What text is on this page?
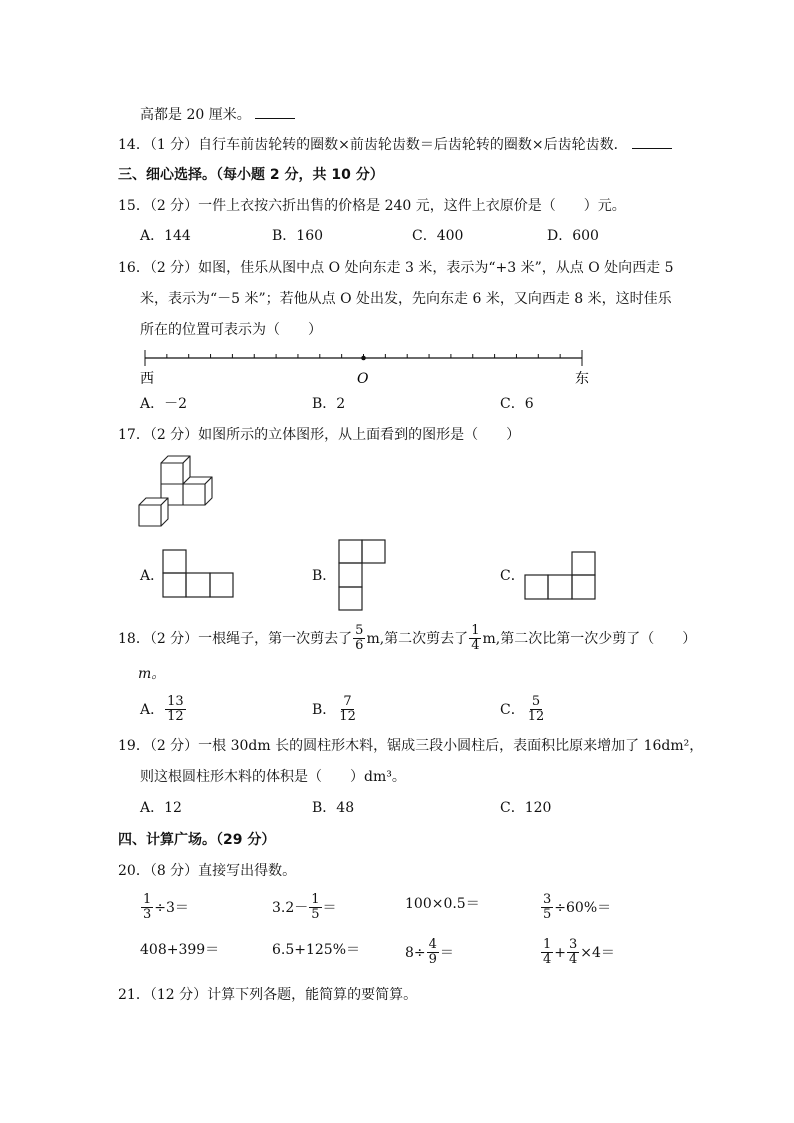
高都是 20 厘米。
14．（1 分）自行车前齿轮转的圈数×前齿轮齿数＝后齿轮转的圈数×后齿轮齿数．
三、细心选择。（每小题 2 分，共 10 分）
15．（2 分）一件上衣按六折出售的价格是 240 元，这件上衣原价是（　　）元。
A．144	B．160	C．400	D．600
16．（2 分）如图，佳乐从图中点 O 处向东走 3 米，表示为“+3 米”，从点 O 处向西走 5
米，表示为“－5 米”；若他从点 O 处出发，先向东走 6 米，又向西走 8 米，这时佳乐
所在的位置可表示为（　　）
西	O	东
A．－2	B．2	C．6
17．（2 分）如图所示的立体图形，从上面看到的图形是（　　）
A．	B．	C．
18．（2 分）一根绳子，第一次剪去了 $\frac{5}{6} m$,第二次剪去了 $\frac{1}{4} m$,第二次比第一次少剪了（　　）
m。
A． $\frac{13}{12}$	B． $\frac{7}{12}$	C． $\frac{5}{12}$
19．（2 分）一根 30dm 长的圆柱形木料，锯成三段小圆柱后，表面积比原来增加了 16dm²，
则这根圆柱形木料的体积是（　　）dm³。
A．12	B．48	C．120
四、计算广场。（29 分）
20．（8 分）直接写出得数。
$\frac{1}{3} \div 3=$	$3.2- \frac{1}{5}$ ＝	100×0.5＝	$\frac{3}{5} \div 60\%=$
408+399＝	6.5+125%＝	$8\div \frac{4}{9}$ ＝	$\frac{1}{4} + \frac{3}{4} \times 4=$
21．（12 分）计算下列各题，能简算的要简算。
